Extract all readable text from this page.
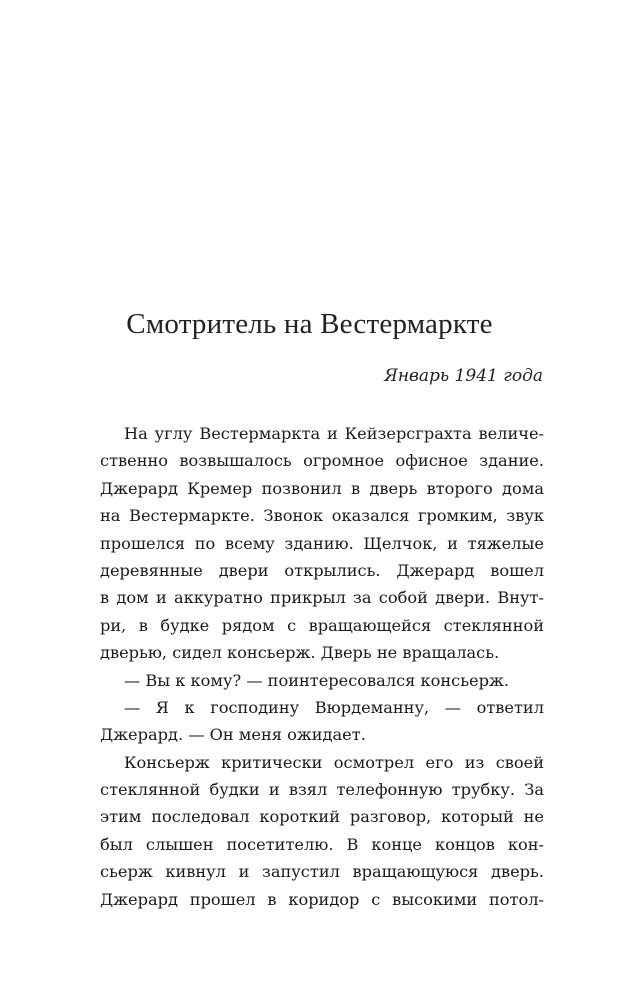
Смотритель на Вестермаркте
Январь 1941 года
На углу Вестермаркта и Кейзерсграхта величе-
ственно возвышалось огромное офисное здание.
Джерард Кремер позвонил в дверь второго дома
на Вестермаркте. Звонок оказался громким, звук
прошелся по всему зданию. Щелчок, и тяжелые
деревянные двери открылись. Джерард вошел
в дом и аккуратно прикрыл за собой двери. Внут-
ри, в будке рядом с вращающейся стеклянной
дверью, сидел консьерж. Дверь не вращалась.
— Вы к кому? — поинтересовался консьерж.
— Я к господину Вюрдеманну, — ответил
Джерард. — Он меня ожидает.
Консьерж критически осмотрел его из своей
стеклянной будки и взял телефонную трубку. За
этим последовал короткий разговор, который не
был слышен посетителю. В конце концов кон-
сьерж кивнул и запустил вращающуюся дверь.
Джерард прошел в коридор с высокими потол-
